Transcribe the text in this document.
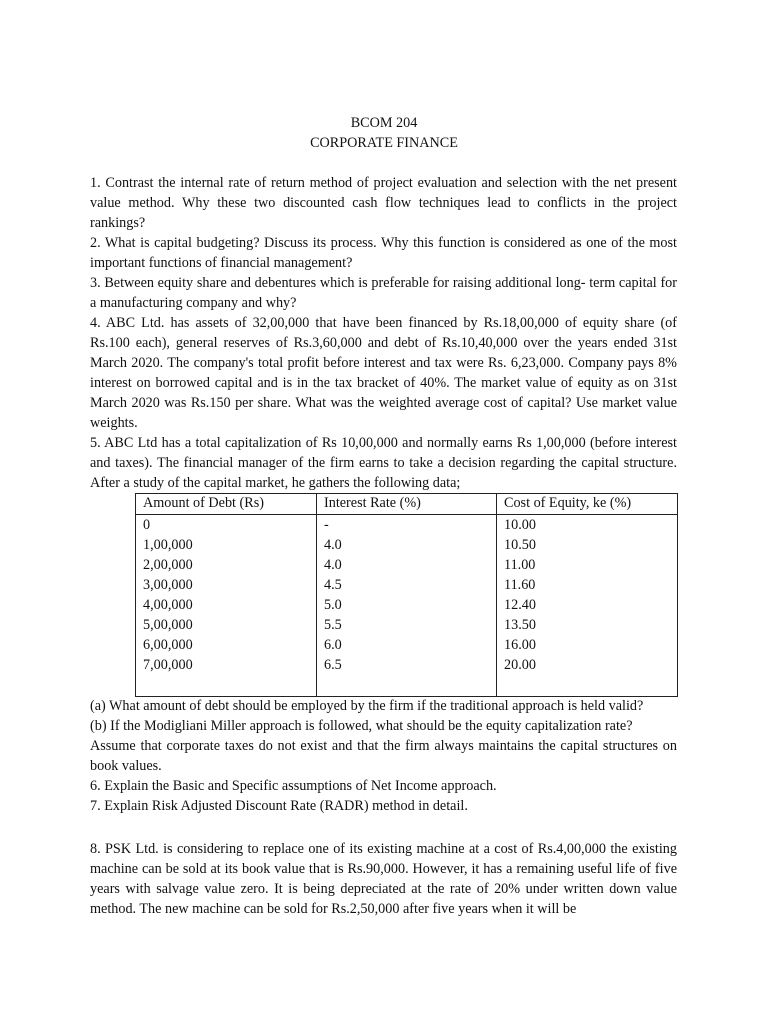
BCOM 204
CORPORATE FINANCE

1. Contrast the internal rate of return method of project evaluation and selection with the net present value method. Why these two discounted cash flow techniques lead to conflicts in the project rankings?

2. What is capital budgeting? Discuss its process. Why this function is considered as one of the most important functions of financial management?

3. Between equity share and debentures which is preferable for raising additional long- term capital for a manufacturing company and why?

4. ABC Ltd. has assets of 32,00,000 that have been financed by Rs.18,00,000 of equity share (of Rs.100 each), general reserves of Rs.3,60,000 and debt of Rs.10,40,000 over the years ended 31st March 2020. The company's total profit before interest and tax were Rs. 6,23,000. Company pays 8% interest on borrowed capital and is in the tax bracket of 40%. The market value of equity as on 31st March 2020 was Rs.150 per share. What was the weighted average cost of capital? Use market value weights.

5. ABC Ltd has a total capitalization of Rs 10,00,000 and normally earns Rs 1,00,000 (before interest and taxes). The financial manager of the firm earns to take a decision regarding the capital structure. After a study of the capital market, he gathers the following data;

Amount of Debt (Rs)	Interest Rate (%)	Cost of Equity, ke (%)
0	-	10.00
1,00,000	4.0	10.50
2,00,000	4.0	11.00
3,00,000	4.5	11.60
4,00,000	5.0	12.40
5,00,000	5.5	13.50
6,00,000	6.0	16.00
7,00,000	6.5	20.00

(a) What amount of debt should be employed by the firm if the traditional approach is held valid?

(b) If the Modigliani Miller approach is followed, what should be the equity capitalization rate?

Assume that corporate taxes do not exist and that the firm always maintains the capital structures on book values.

6. Explain the Basic and Specific assumptions of Net Income approach.

7. Explain Risk Adjusted Discount Rate (RADR) method in detail.

8. PSK Ltd. is considering to replace one of its existing machine at a cost of Rs.4,00,000 the existing machine can be sold at its book value that is Rs.90,000. However, it has a remaining useful life of five years with salvage value zero. It is being depreciated at the rate of 20% under written down value method. The new machine can be sold for Rs.2,50,000 after five years when it will be
